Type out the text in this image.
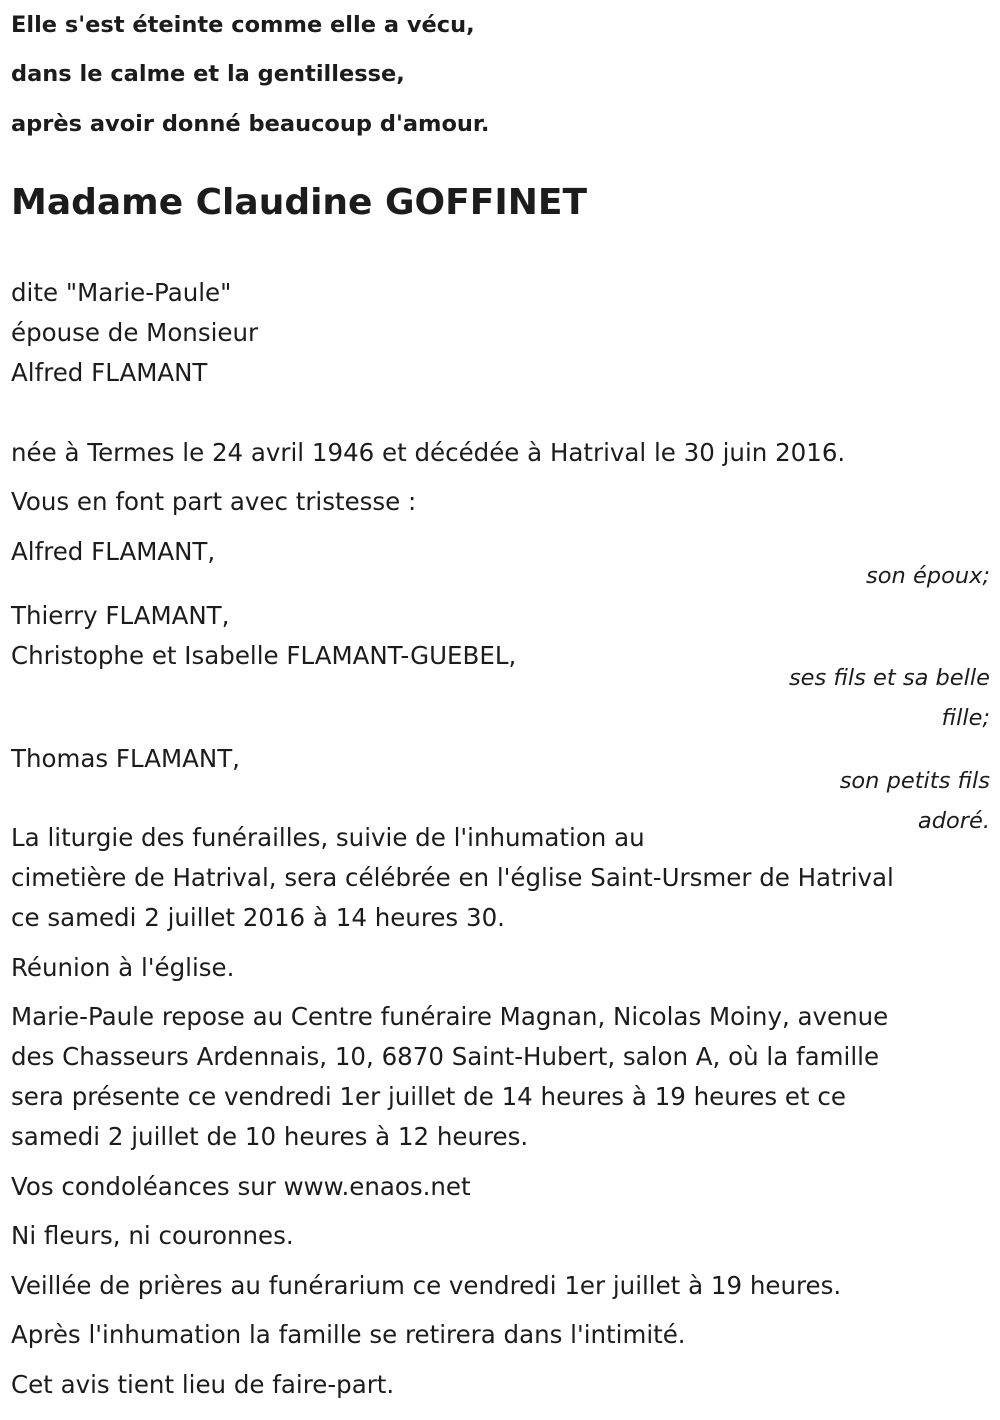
Elle s'est éteinte comme elle a vécu,
dans le calme et la gentillesse,
après avoir donné beaucoup d'amour.
Madame Claudine GOFFINET
dite "Marie-Paule"
épouse de Monsieur
Alfred FLAMANT
née à Termes le 24 avril 1946 et décédée à Hatrival le 30 juin 2016.
Vous en font part avec tristesse :
Alfred FLAMANT,
son époux;
Thierry FLAMANT,
Christophe et Isabelle FLAMANT-GUEBEL,
ses fils et sa belle
fille;
Thomas FLAMANT,
son petits fils
adoré.
La liturgie des funérailles, suivie de l'inhumation au
cimetière de Hatrival, sera célébrée en l'église Saint-Ursmer de Hatrival
ce samedi 2 juillet 2016 à 14 heures 30.
Réunion à l'église.
Marie-Paule repose au Centre funéraire Magnan, Nicolas Moiny, avenue
des Chasseurs Ardennais, 10, 6870 Saint-Hubert, salon A, où la famille
sera présente ce vendredi 1er juillet de 14 heures à 19 heures et ce
samedi 2 juillet de 10 heures à 12 heures.
Vos condoléances sur www.enaos.net
Ni fleurs, ni couronnes.
Veillée de prières au funérarium ce vendredi 1er juillet à 19 heures.
Après l'inhumation la famille se retirera dans l'intimité.
Cet avis tient lieu de faire-part.
